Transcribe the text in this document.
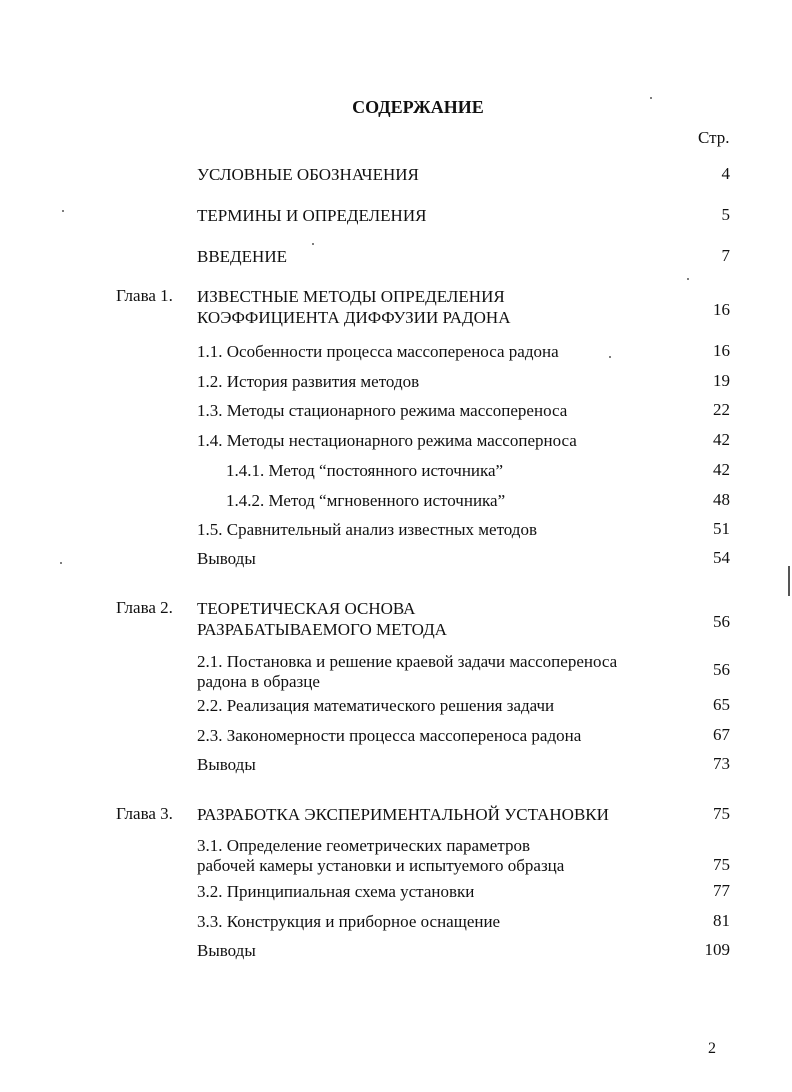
СОДЕРЖАНИЕ
Стр.
УСЛОВНЫЕ ОБОЗНАЧЕНИЯ	4
ТЕРМИНЫ И ОПРЕДЕЛЕНИЯ	5
ВВЕДЕНИЕ	7
Глава 1. ИЗВЕСТНЫЕ МЕТОДЫ ОПРЕДЕЛЕНИЯ
КОЭФФИЦИЕНТА ДИФФУЗИИ РАДОНА	16
1.1. Особенности процесса массопереноса радона	16
1.2. История развития методов	19
1.3. Методы стационарного режима массопереноса	22
1.4. Методы нестационарного режима массоперноса	42
1.4.1. Метод “постоянного источника”	42
1.4.2. Метод “мгновенного источника”	48
1.5. Сравнительный анализ известных методов	51
Выводы	54
Глава 2. ТЕОРЕТИЧЕСКАЯ ОСНОВА
РАЗРАБАТЫВАЕМОГО МЕТОДА	56
2.1. Постановка и решение краевой задачи массопереноса
радона в образце
56
2.2. Реализация математического решения задачи	65
2.3. Закономерности процесса массопереноса радона	67
Выводы	73
Глава 3. РАЗРАБОТКА ЭКСПЕРИМЕНТАЛЬНОЙ УСТАНОВКИ	75
3.1. Определение геометрических параметров
рабочей камеры установки и испытуемого образца	75
3.2. Принципиальная схема установки	77
3.3. Конструкция и приборное оснащение	81
Выводы	109
2
